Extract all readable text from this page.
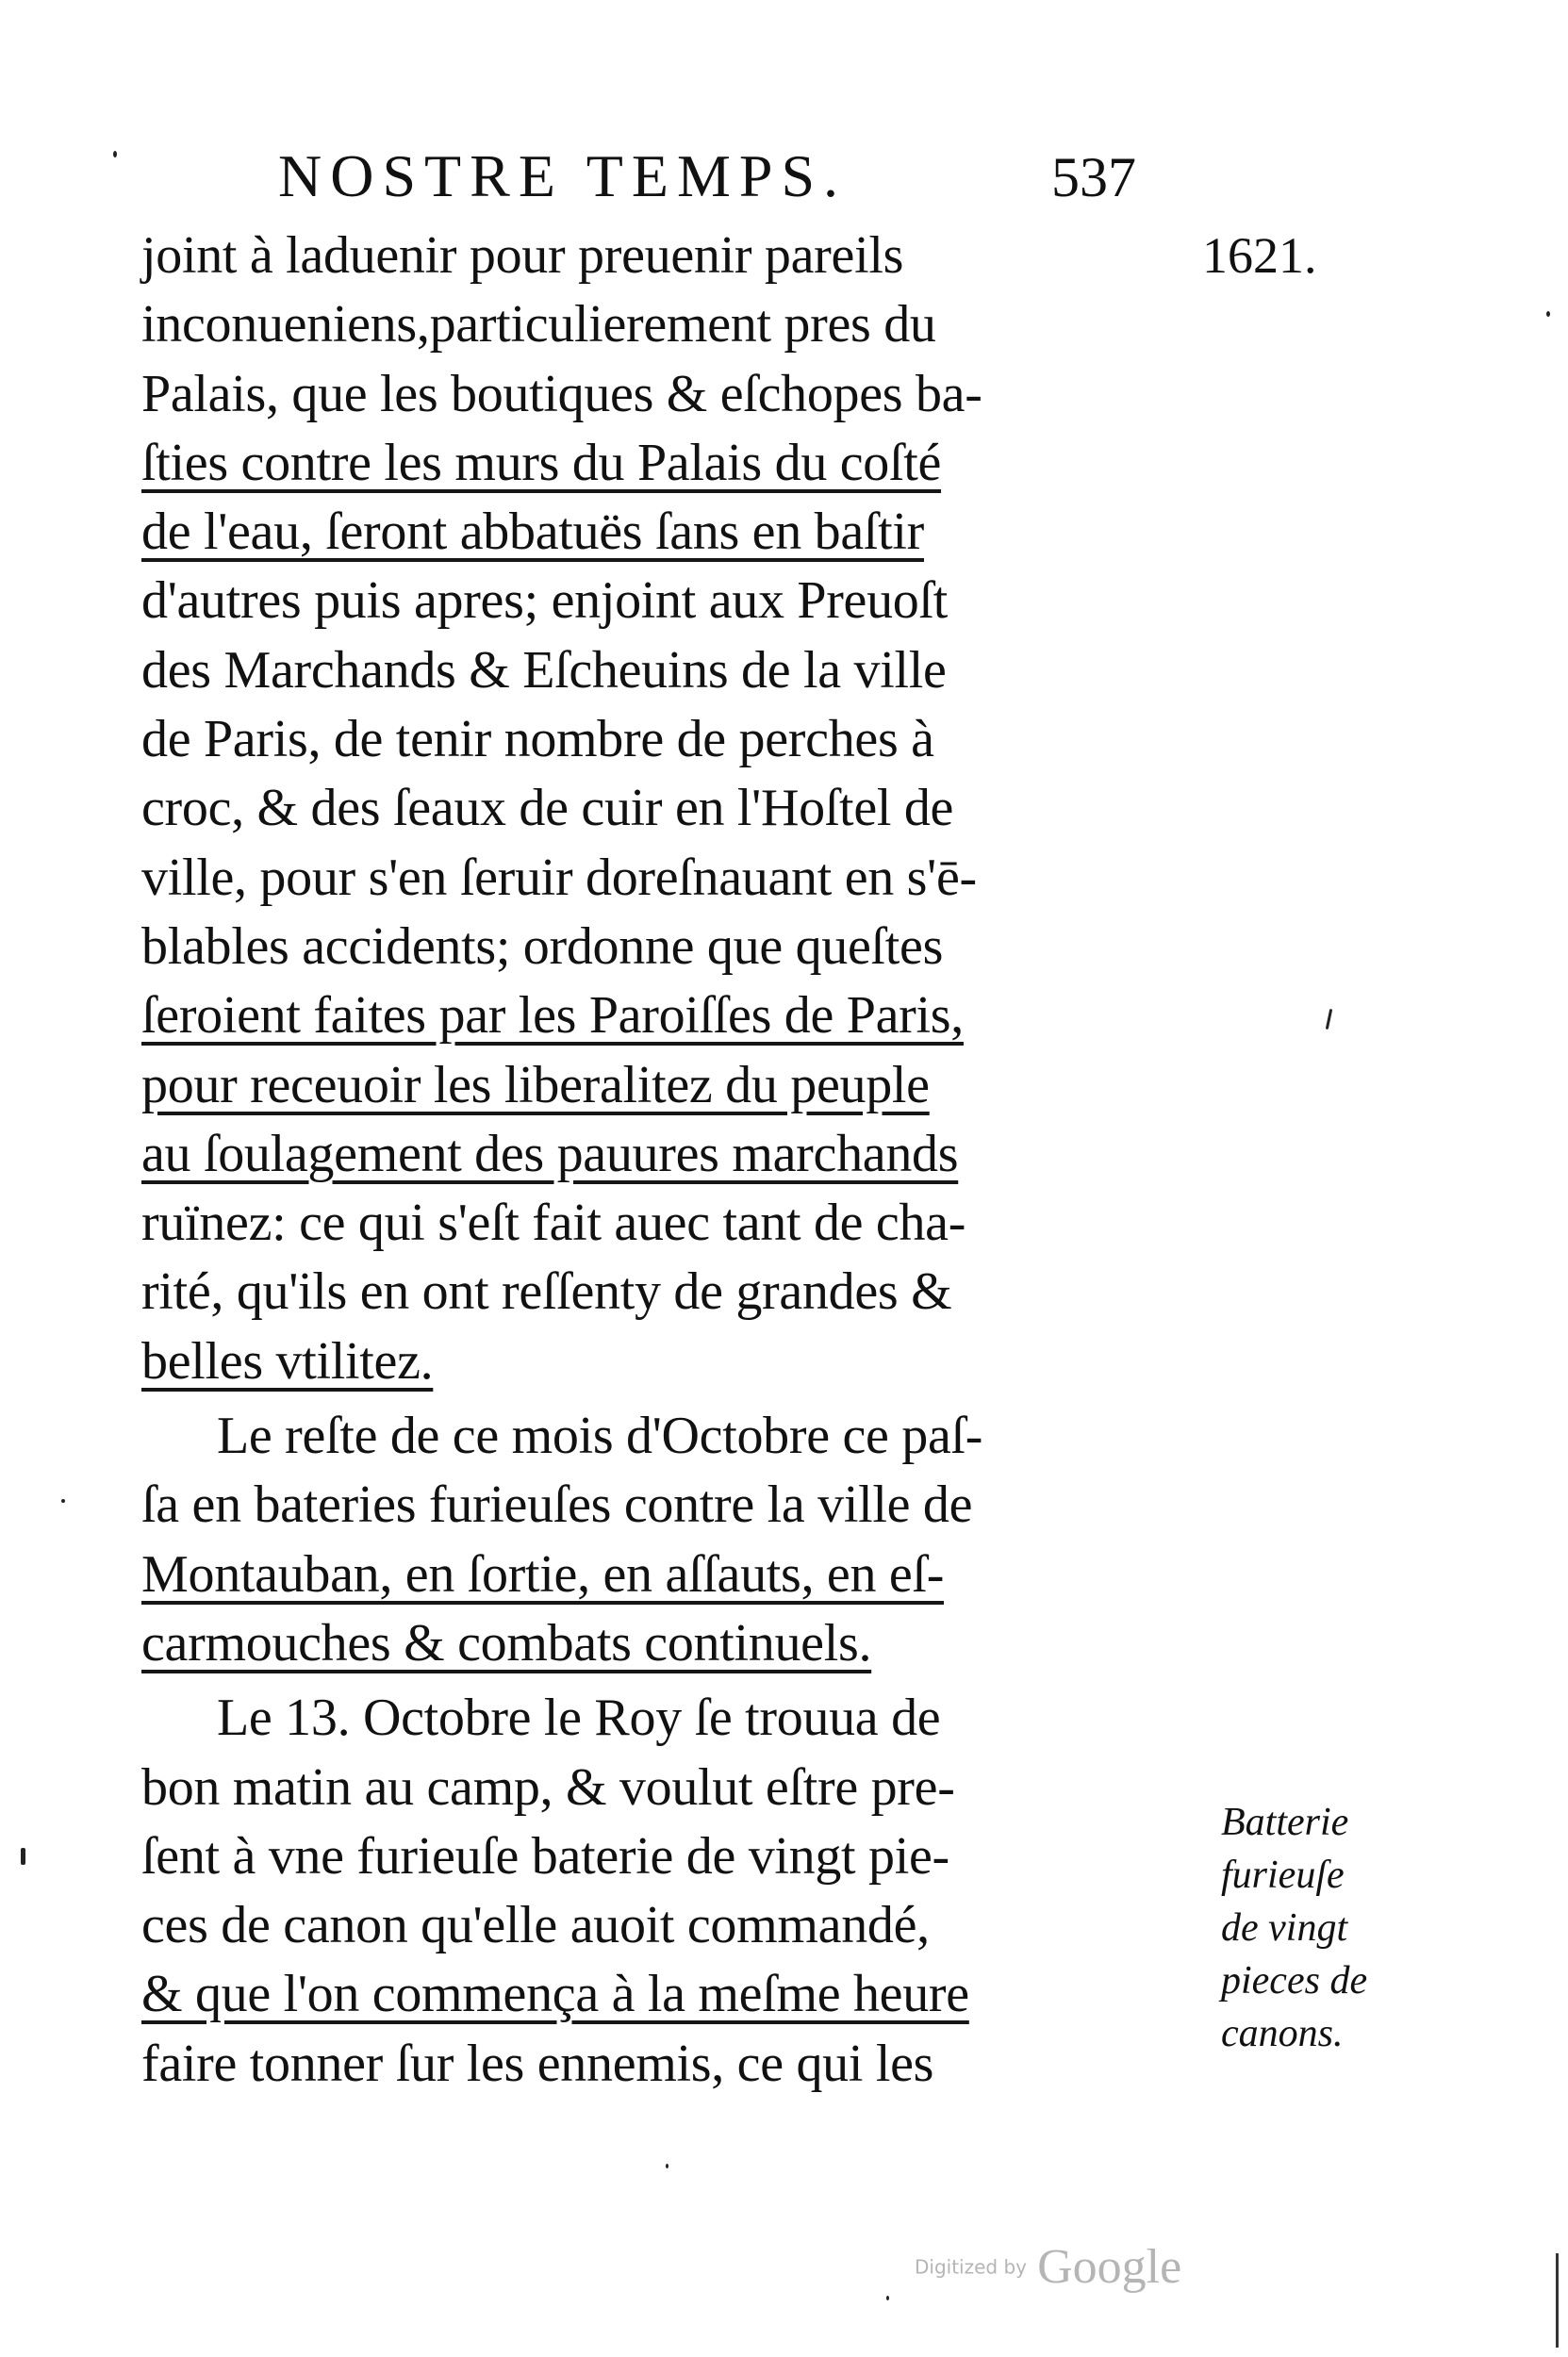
NOSTRE TEMPS.	537
1621.
joint à laduenir pour preuenir pareils
inconueniens,particulierement pres du
Palais, que les boutiques & eſchopes ba-
ſties contre les murs du Palais du coſté
de l'eau, ſeront abbatuës ſans en baſtir
d'autres puis apres; enjoint aux Preuoſt
des Marchands & Eſcheuins de la ville
de Paris, de tenir nombre de perches à
croc, & des ſeaux de cuir en l'Hoſtel de
ville, pour s'en ſeruir doreſnauant en s'ē-
blables accidents; ordonne que queſtes
ſeroient faites par les Paroiſſes de Paris,
pour receuoir les liberalitez du peuple
au ſoulagement des pauures marchands
ruïnez: ce qui s'eſt fait auec tant de cha-
rité, qu'ils en ont reſſenty de grandes &
belles vtilitez.
Le reſte de ce mois d'Octobre ce paſ-
ſa en bateries furieuſes contre la ville de
Montauban, en ſortie, en aſſauts, en eſ-
carmouches & combats continuels.
Le 13. Octobre le Roy ſe trouua de
bon matin au camp, & voulut eſtre pre-
ſent à vne furieuſe baterie de vingt pie-
ces de canon qu'elle auoit commandé,
& que l'on commença à la meſme heure
faire tonner ſur les ennemis, ce qui les
Batterie
furieuſe
de vingt
pieces de
canons.
Digitized by Google
